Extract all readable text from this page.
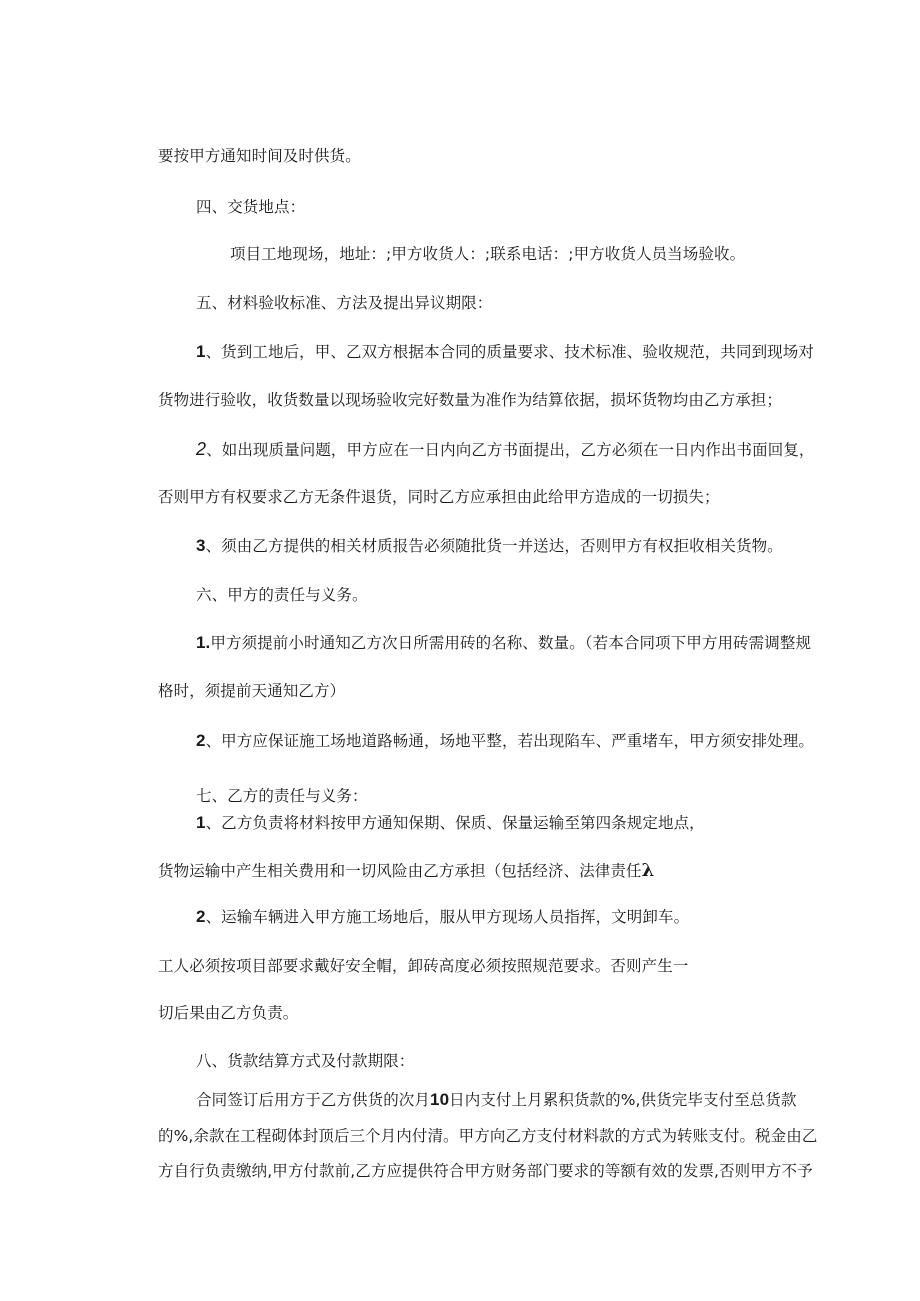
要按甲方通知时间及时供货。

四、交货地点：

项目工地现场，地址：;甲方收货人：;联系电话：;甲方收货人员当场验收。

五、材料验收标准、方法及提出异议期限：

1、货到工地后，甲、乙双方根据本合同的质量要求、技术标准、验收规范，共同到现场对

货物进行验收，收货数量以现场验收完好数量为准作为结算依据，损坏货物均由乙方承担；

2、如出现质量问题，甲方应在一日内向乙方书面提出，乙方必须在一日内作出书面回复，

否则甲方有权要求乙方无条件退货，同时乙方应承担由此给甲方造成的一切损失；

3、须由乙方提供的相关材质报告必须随批货一并送达，否则甲方有权拒收相关货物。

六、甲方的责任与义务。

1.甲方须提前小时通知乙方次日所需用砖的名称、数量。（若本合同项下甲方用砖需调整规

格时，须提前天通知乙方）

2、甲方应保证施工场地道路畅通，场地平整，若出现陷车、严重堵车，甲方须安排处理。

七、乙方的责任与义务：

1、乙方负责将材料按甲方通知保期、保质、保量运输至第四条规定地点，

货物运输中产生相关费用和一切风险由乙方承担（包括经济、法律责任λ

2、运输车辆进入甲方施工场地后，服从甲方现场人员指挥，文明卸车。

工人必须按项目部要求戴好安全帽，卸砖高度必须按照规范要求。否则产生一

切后果由乙方负责。

八、货款结算方式及付款期限：

合同签订后用方于乙方供货的次月10日内支付上月累积货款的%,供货完毕支付至总货款

的%,余款在工程砌体封顶后三个月内付清。甲方向乙方支付材料款的方式为转账支付。税金由乙

方自行负责缴纳,甲方付款前,乙方应提供符合甲方财务部门要求的等额有效的发票,否则甲方不予
